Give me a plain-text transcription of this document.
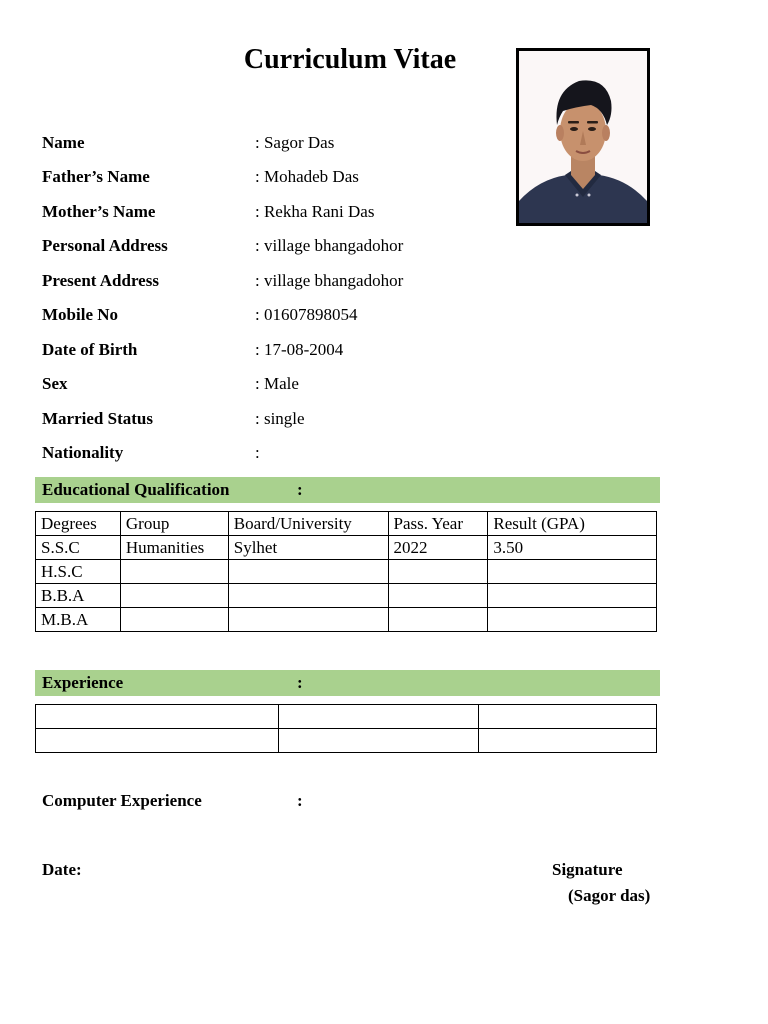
Curriculum Vitae
Name	: Sagor Das
Father’s Name	: Mohadeb Das
Mother’s Name	: Rekha Rani Das
Personal Address	: village bhangadohor
Present Address	: village bhangadohor
Mobile No	: 01607898054
Date of Birth	: 17-08-2004
Sex	: Male
Married Status	: single
Nationality	:
Educational Qualification	:
Degrees	Group	Board/University	Pass. Year	Result (GPA)
S.S.C	Humanities	Sylhet	2022	3.50
H.S.C				
B.B.A				
M.B.A				
Experience	:

Computer Experience	:
Date:	Signature
(Sagor das)
